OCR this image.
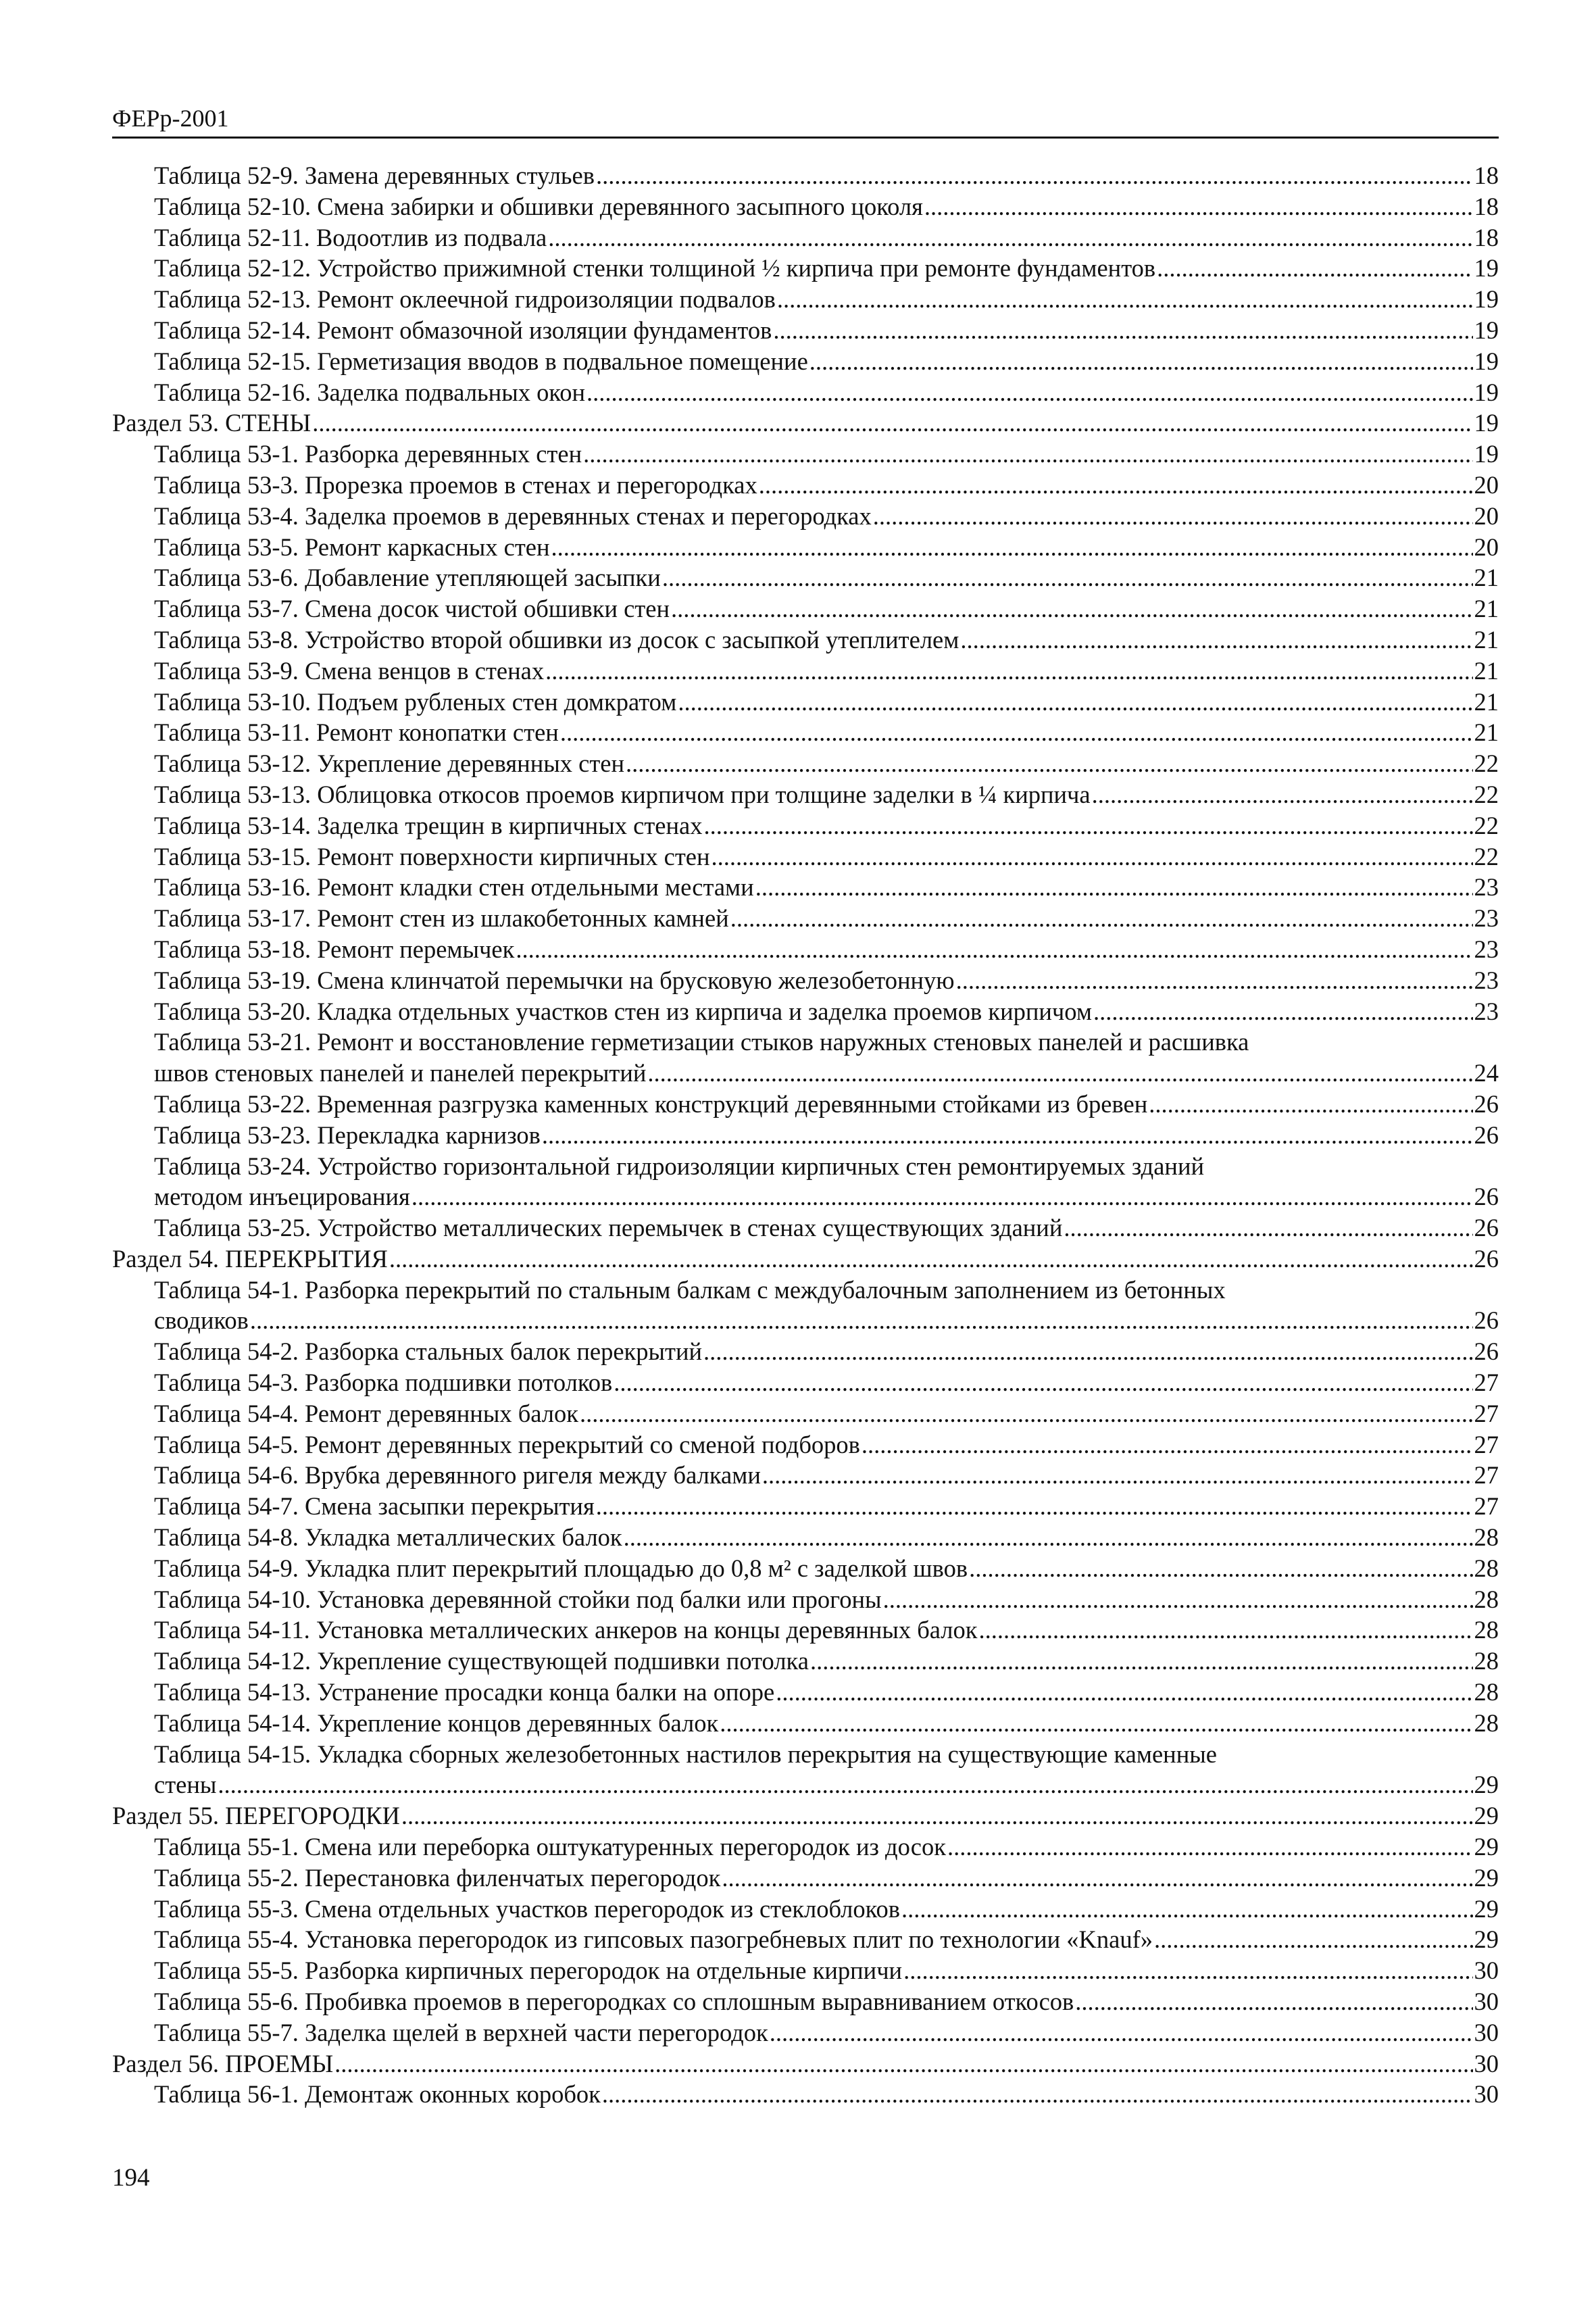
ФЕРр-2001
Таблица 52-9. Замена деревянных стульев .....	18
Таблица 52-10. Смена забирки и обшивки деревянного засыпного цоколя .....	18
Таблица 52-11. Водоотлив из подвала .....	18
Таблица 52-12. Устройство прижимной стенки толщиной ½ кирпича при ремонте фундаментов .....	19
Таблица 52-13. Ремонт оклеечной гидроизоляции подвалов .....	19
Таблица 52-14. Ремонт обмазочной изоляции фундаментов .....	19
Таблица 52-15. Герметизация вводов в подвальное помещение .....	19
Таблица 52-16. Заделка подвальных окон .....	19
Раздел 53. СТЕНЫ .....	19
Таблица 53-1. Разборка деревянных стен .....	19
Таблица 53-3. Прорезка проемов в стенах и перегородках .....	20
Таблица 53-4. Заделка проемов в деревянных стенах и перегородках .....	20
Таблица 53-5. Ремонт каркасных стен .....	20
Таблица 53-6. Добавление утепляющей засыпки .....	21
Таблица 53-7. Смена досок чистой обшивки стен .....	21
Таблица 53-8. Устройство второй обшивки из досок с засыпкой утеплителем .....	21
Таблица 53-9. Смена венцов в стенах .....	21
Таблица 53-10. Подъем рубленых стен домкратом .....	21
Таблица 53-11. Ремонт конопатки стен .....	21
Таблица 53-12. Укрепление деревянных стен .....	22
Таблица 53-13. Облицовка откосов проемов кирпичом при толщине заделки в ¼ кирпича .....	22
Таблица 53-14. Заделка трещин в кирпичных стенах .....	22
Таблица 53-15. Ремонт поверхности кирпичных стен .....	22
Таблица 53-16. Ремонт кладки стен отдельными местами .....	23
Таблица 53-17. Ремонт стен из шлакобетонных камней .....	23
Таблица 53-18. Ремонт перемычек .....	23
Таблица 53-19. Смена клинчатой перемычки на брусковую железобетонную .....	23
Таблица 53-20. Кладка отдельных участков стен из кирпича и заделка проемов кирпичом .....	23
Таблица 53-21. Ремонт и восстановление герметизации стыков наружных стеновых панелей и расшивка
швов стеновых панелей и панелей перекрытий .....	24
Таблица 53-22. Временная разгрузка каменных конструкций деревянными стойками из бревен .....	26
Таблица 53-23. Перекладка карнизов .....	26
Таблица 53-24. Устройство горизонтальной гидроизоляции кирпичных стен ремонтируемых зданий
методом инъецирования .....	26
Таблица 53-25. Устройство металлических перемычек в стенах существующих зданий .....	26
Раздел 54. ПЕРЕКРЫТИЯ .....	26
Таблица 54-1. Разборка перекрытий по стальным балкам с междубалочным заполнением из бетонных
сводиков .....	26
Таблица 54-2. Разборка стальных балок перекрытий .....	26
Таблица 54-3. Разборка подшивки потолков .....	27
Таблица 54-4. Ремонт деревянных балок .....	27
Таблица 54-5. Ремонт деревянных перекрытий со сменой подборов .....	27
Таблица 54-6. Врубка деревянного ригеля между балками .....	27
Таблица 54-7. Смена засыпки перекрытия .....	27
Таблица 54-8. Укладка металлических балок .....	28
Таблица 54-9. Укладка плит перекрытий площадью до 0,8 м² с заделкой швов .....	28
Таблица 54-10. Установка деревянной стойки под балки или прогоны .....	28
Таблица 54-11. Установка металлических анкеров на концы деревянных балок .....	28
Таблица 54-12. Укрепление существующей подшивки потолка .....	28
Таблица 54-13. Устранение просадки конца балки на опоре .....	28
Таблица 54-14. Укрепление концов деревянных балок .....	28
Таблица 54-15. Укладка сборных железобетонных настилов перекрытия на существующие каменные
стены .....	29
Раздел 55. ПЕРЕГОРОДКИ .....	29
Таблица 55-1. Смена или переборка оштукатуренных перегородок из досок .....	29
Таблица 55-2. Перестановка филенчатых перегородок .....	29
Таблица 55-3. Смена отдельных участков перегородок из стеклоблоков .....	29
Таблица 55-4. Установка перегородок из гипсовых пазогребневых плит по технологии «Knauf» .....	29
Таблица 55-5. Разборка кирпичных перегородок на отдельные кирпичи .....	30
Таблица 55-6. Пробивка проемов в перегородках со сплошным выравниванием откосов .....	30
Таблица 55-7. Заделка щелей в верхней части перегородок .....	30
Раздел 56. ПРОЕМЫ .....	30
Таблица 56-1. Демонтаж оконных коробок .....	30
194
